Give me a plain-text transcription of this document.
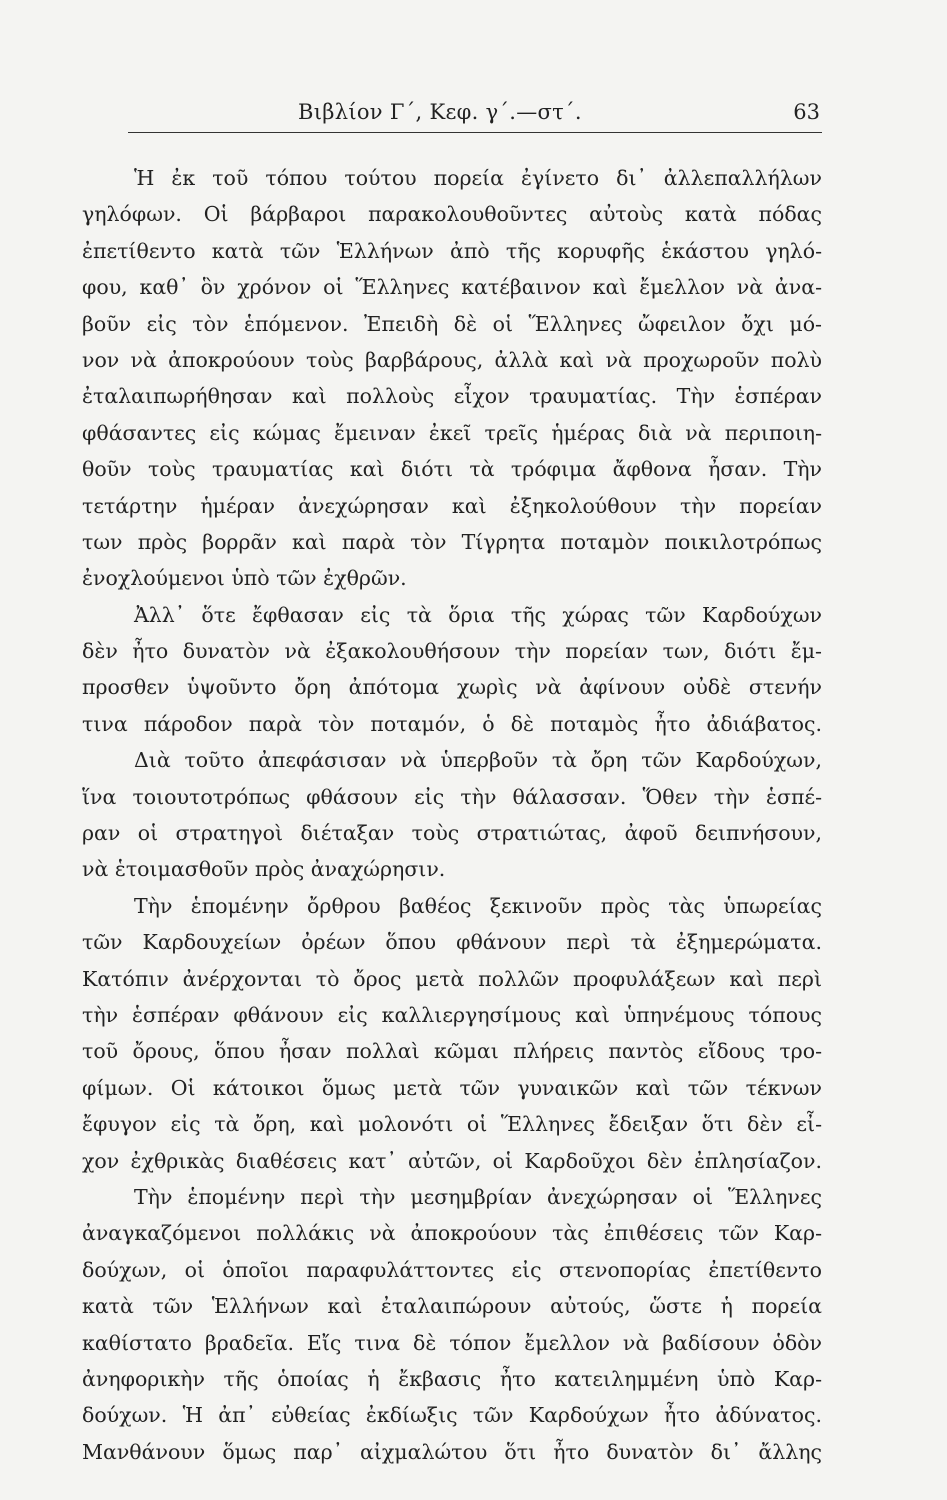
Βιβλίον Γ΄, Κεφ. γ΄.—στ΄.	63
Ἡ ἐκ τοῦ τόπου τούτου πορεία ἐγίνετο δι᾽ ἀλλεπαλλήλων
γηλόφων. Οἱ βάρβαροι παρακολουθοῦντες αὐτοὺς κατὰ πόδας
ἐπετίθεντο κατὰ τῶν Ἑλλήνων ἀπὸ τῆς κορυφῆς ἑκάστου γηλό-
φου, καθ᾽ ὃν χρόνον οἱ Ἕλληνες κατέβαινον καὶ ἔμελλον νὰ ἀνα-
βοῦν εἰς τὸν ἑπόμενον. Ἐπειδὴ δὲ οἱ Ἕλληνες ὤφειλον ὄχι μό-
νον νὰ ἀποκρούουν τοὺς βαρβάρους, ἀλλὰ καὶ νὰ προχωροῦν πολὺ
ἐταλαιπωρήθησαν καὶ πολλοὺς εἶχον τραυματίας. Τὴν ἑσπέραν
φθάσαντες εἰς κώμας ἔμειναν ἐκεῖ τρεῖς ἡμέρας διὰ νὰ περιποιη-
θοῦν τοὺς τραυματίας καὶ διότι τὰ τρόφιμα ἄφθονα ἦσαν. Τὴν
τετάρτην ἡμέραν ἀνεχώρησαν καὶ ἐξηκολούθουν τὴν πορείαν
των πρὸς βορρᾶν καὶ παρὰ τὸν Τίγρητα ποταμὸν ποικιλοτρόπως
ἐνοχλούμενοι ὑπὸ τῶν ἐχθρῶν.
Ἀλλ᾽ ὅτε ἔφθασαν εἰς τὰ ὅρια τῆς χώρας τῶν Καρδούχων
δὲν ἦτο δυνατὸν νὰ ἐξακολουθήσουν τὴν πορείαν των, διότι ἔμ-
προσθεν ὑψοῦντο ὄρη ἀπότομα χωρὶς νὰ ἀφίνουν οὐδὲ στενήν
τινα πάροδον παρὰ τὸν ποταμόν, ὁ δὲ ποταμὸς ἦτο ἀδιάβατος.
Διὰ τοῦτο ἀπεφάσισαν νὰ ὑπερβοῦν τὰ ὄρη τῶν Καρδούχων,
ἵνα τοιουτοτρόπως φθάσουν εἰς τὴν θάλασσαν. Ὅθεν τὴν ἑσπέ-
ραν οἱ στρατηγοὶ διέταξαν τοὺς στρατιώτας, ἀφοῦ δειπνήσουν,
νὰ ἑτοιμασθοῦν πρὸς ἀναχώρησιν.
Τὴν ἑπομένην ὄρθρου βαθέος ξεκινοῦν πρὸς τὰς ὑπωρείας
τῶν Καρδουχείων ὀρέων ὅπου φθάνουν περὶ τὰ ἐξημερώματα.
Κατόπιν ἀνέρχονται τὸ ὄρος μετὰ πολλῶν προφυλάξεων καὶ περὶ
τὴν ἑσπέραν φθάνουν εἰς καλλιεργησίμους καὶ ὑπηνέμους τόπους
τοῦ ὄρους, ὅπου ἦσαν πολλαὶ κῶμαι πλήρεις παντὸς εἴδους τρο-
φίμων. Οἱ κάτοικοι ὅμως μετὰ τῶν γυναικῶν καὶ τῶν τέκνων
ἔφυγον εἰς τὰ ὄρη, καὶ μολονότι οἱ Ἕλληνες ἔδειξαν ὅτι δὲν εἶ-
χον ἐχθρικὰς διαθέσεις κατ᾽ αὐτῶν, οἱ Καρδοῦχοι δὲν ἐπλησίαζον.
Τὴν ἑπομένην περὶ τὴν μεσημβρίαν ἀνεχώρησαν οἱ Ἕλληνες
ἀναγκαζόμενοι πολλάκις νὰ ἀποκρούουν τὰς ἐπιθέσεις τῶν Καρ-
δούχων, οἱ ὁποῖοι παραφυλάττοντες εἰς στενοπορίας ἐπετίθεντο
κατὰ τῶν Ἑλλήνων καὶ ἐταλαιπώρουν αὐτούς, ὥστε ἡ πορεία
καθίστατο βραδεῖα. Εἴς τινα δὲ τόπον ἔμελλον νὰ βαδίσουν ὁδὸν
ἀνηφορικὴν τῆς ὁποίας ἡ ἔκβασις ἦτο κατειλημμένη ὑπὸ Καρ-
δούχων. Ἡ ἀπ᾽ εὐθείας ἐκδίωξις τῶν Καρδούχων ἦτο ἀδύνατος.
Μανθάνουν ὅμως παρ᾽ αἰχμαλώτου ὅτι ἦτο δυνατὸν δι᾽ ἄλλης
